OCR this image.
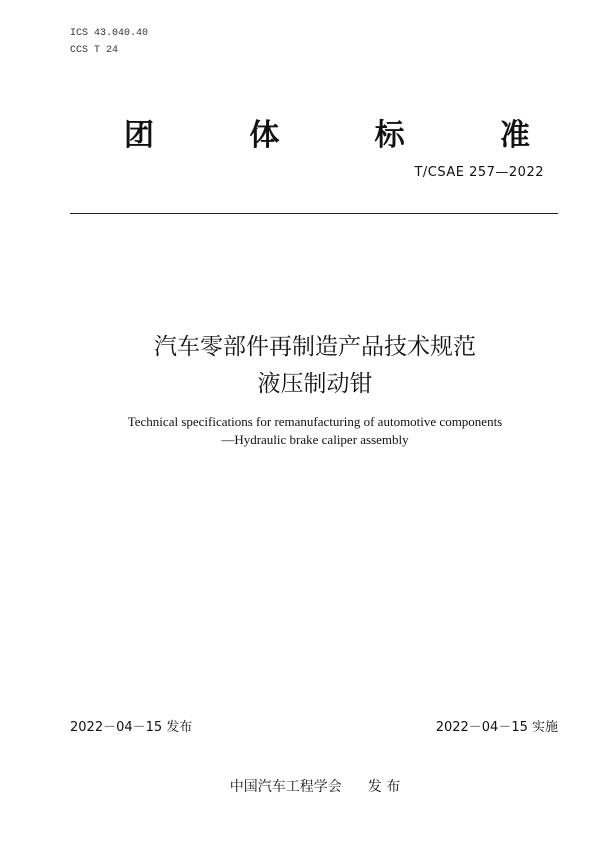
ICS 43.040.40
CCS T 24
团	体	标	准
T/CSAE 257—2022
汽车零部件再制造产品技术规范
液压制动钳
Technical specifications for remanufacturing of automotive components
—Hydraulic brake caliper assembly
2022－04－15 发布	2022－04－15 实施
中国汽车工程学会 发 布
